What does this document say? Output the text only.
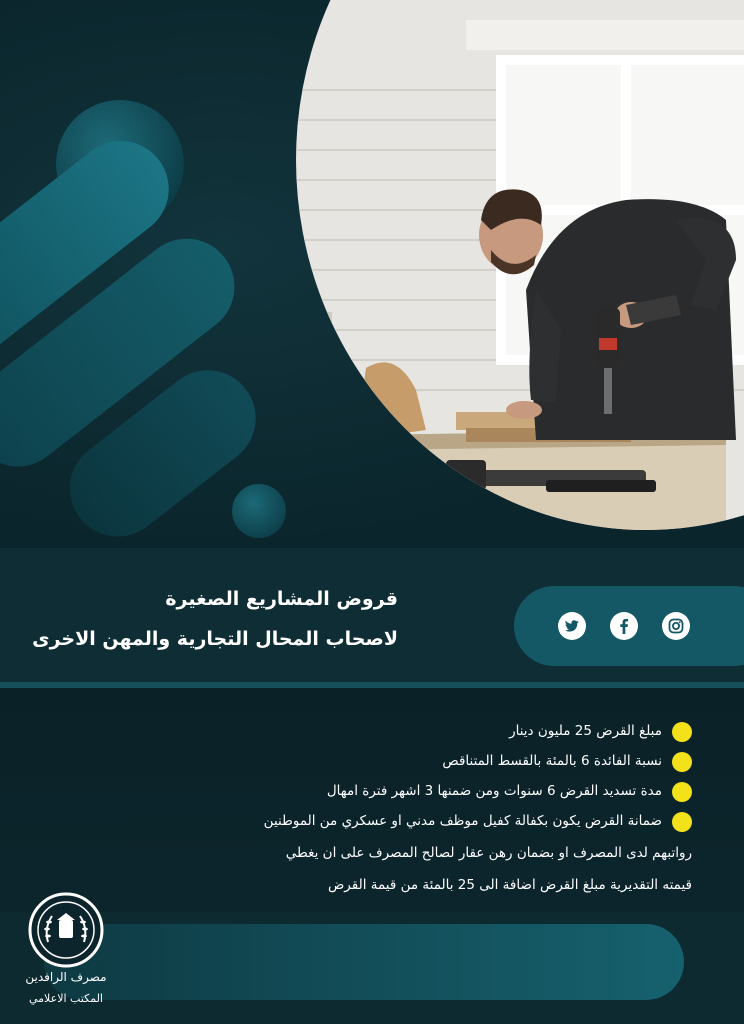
قروض المشاريع الصغيرة
لاصحاب المحال التجارية والمهن الاخرى
مبلغ القرض 25 مليون دينار
نسبة الفائدة 6 بالمئة بالقسط المتناقص
مدة تسديد القرض 6 سنوات ومن ضمنها 3 اشهر فترة امهال
ضمانة القرض يكون بكفالة كفيل موظف مدني او عسكري من الموطنين
رواتبهم لدى المصرف او بضمان رهن عقار لصالح المصرف على ان يغطي
قيمته التقديرية مبلغ القرض اضافة الى 25 بالمئة من قيمة القرض
مصرف الرافدين
المكتب الاعلامي
